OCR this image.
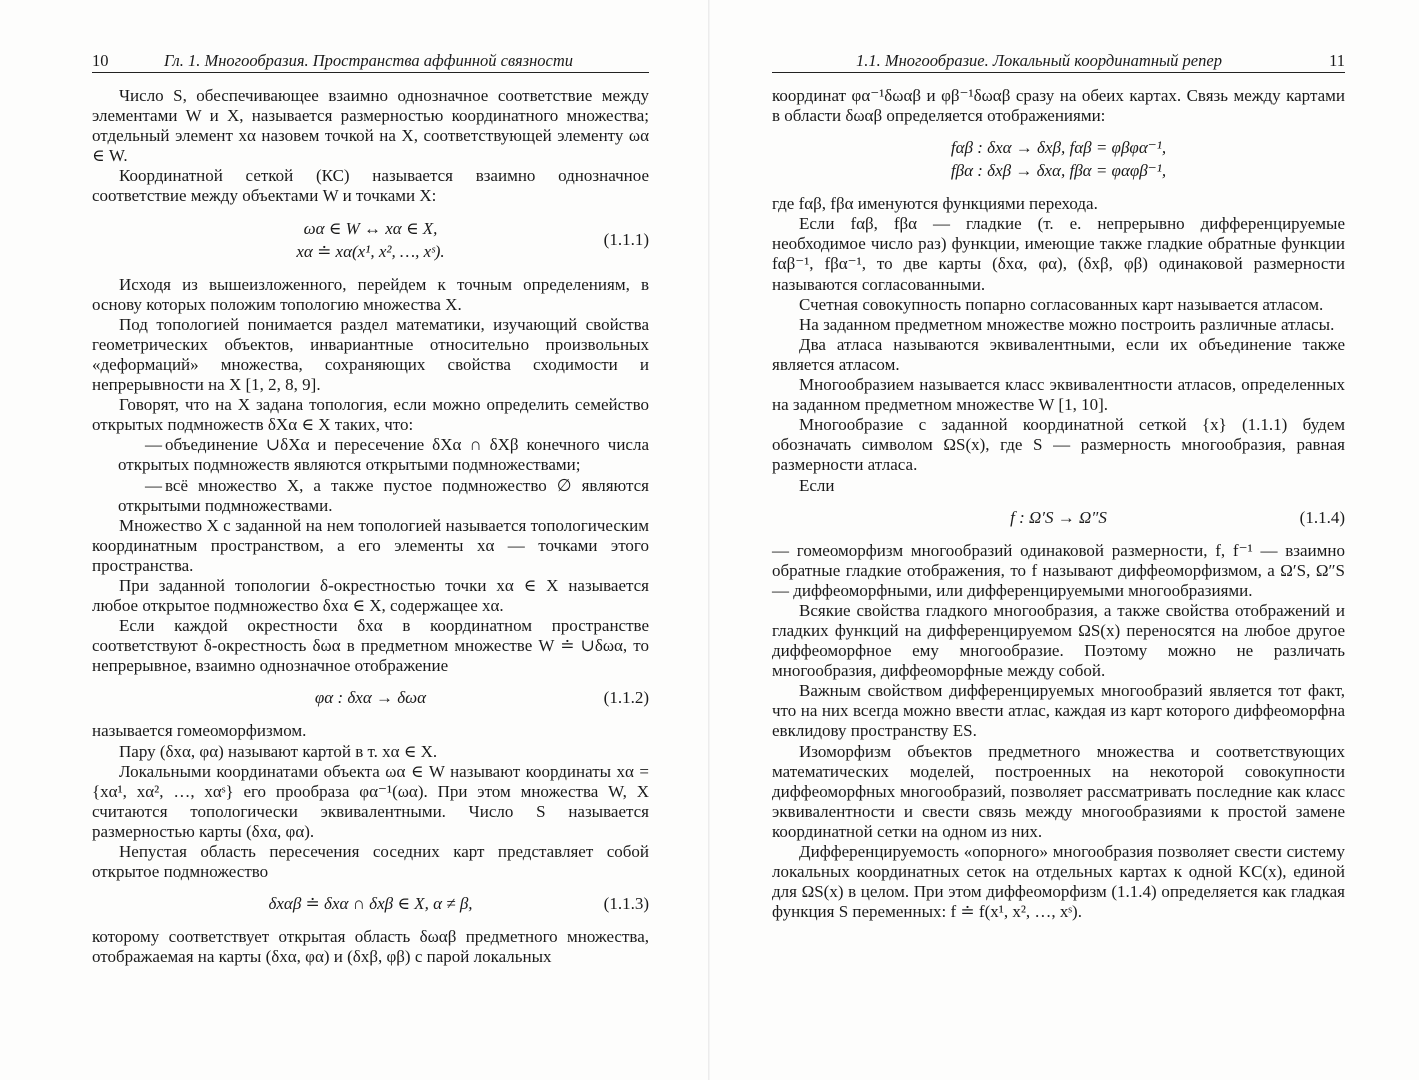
10	Гл. 1. Многообразия. Пространства аффинной связности

Число S, обеспечивающее взаимно однозначное соответствие между элементами W и X, называется размерностью координатного множества; отдельный элемент xα назовем точкой на X, соответствующей элементу ωα ∈ W.

Координатной сеткой (КС) называется взаимно однозначное соответствие между объектами W и точками X:

ωα ∈ W ↔ xα ∈ X,
xα ≐ xα(x¹, x², …, xˢ).
(1.1.1)

Исходя из вышеизложенного, перейдем к точным определениям, в основу которых положим топологию множества X.

Под топологией понимается раздел математики, изучающий свойства геометрических объектов, инвариантные относительно произвольных «деформаций» множества, сохраняющих свойства сходимости и непрерывности на X [1, 2, 8, 9].

Говорят, что на X задана топология, если можно определить семейство открытых подмножеств δXα ∈ X таких, что:

— объединение ∪δXα и пересечение δXα ∩ δXβ конечного числа открытых подмножеств являются открытыми подмножествами;

— всё множество X, а также пустое подмножество ∅ являются открытыми подмножествами.

Множество X с заданной на нем топологией называется топологическим координатным пространством, а его элементы xα — точками этого пространства.

При заданной топологии δ-окрестностью точки xα ∈ X называется любое открытое подмножество δxα ∈ X, содержащее xα.

Если каждой окрестности δxα в координатном пространстве соответствуют δ-окрестность δωα в предметном множестве W ≐ ∪δωα, то непрерывное, взаимно однозначное отображение

φα : δxα → δωα	(1.1.2)

называется гомеоморфизмом.

Пару (δxα, φα) называют картой в т. xα ∈ X.

Локальными координатами объекта ωα ∈ W называют координаты xα = {xα¹, xα², …, xαˢ} его прообраза φα⁻¹(ωα). При этом множества W, X считаются топологически эквивалентными. Число S называется размерностью карты (δxα, φα).

Непустая область пересечения соседних карт представляет собой открытое подмножество

δxαβ ≐ δxα ∩ δxβ ∈ X, α ≠ β,	(1.1.3)

которому соответствует открытая область δωαβ предметного множества, отображаемая на карты (δxα, φα) и (δxβ, φβ) с парой локальных

1.1. Многообразие. Локальный координатный репер	11

координат φα⁻¹δωαβ и φβ⁻¹δωαβ сразу на обеих картах. Связь между картами в области δωαβ определяется отображениями:

fαβ : δxα → δxβ, fαβ = φβφα⁻¹,
fβα : δxβ → δxα, fβα = φαφβ⁻¹,

где fαβ, fβα именуются функциями перехода.

Если fαβ, fβα — гладкие (т. е. непрерывно дифференцируемые необходимое число раз) функции, имеющие также гладкие обратные функции fαβ⁻¹, fβα⁻¹, то две карты (δxα, φα), (δxβ, φβ) одинаковой размерности называются согласованными.

Счетная совокупность попарно согласованных карт называется атласом.

На заданном предметном множестве можно построить различные атласы.

Два атласа называются эквивалентными, если их объединение также является атласом.

Многообразием называется класс эквивалентности атласов, определенных на заданном предметном множестве W [1, 10].

Многообразие с заданной координатной сеткой {x} (1.1.1) будем обозначать символом ΩS(x), где S — размерность многообразия, равная размерности атласа.

Если

f : Ω′S → Ω″S	(1.1.4)

— гомеоморфизм многообразий одинаковой размерности, f, f⁻¹ — взаимно обратные гладкие отображения, то f называют диффеоморфизмом, а Ω′S, Ω″S — диффеоморфными, или дифференцируемыми многообразиями.

Всякие свойства гладкого многообразия, а также свойства отображений и гладких функций на дифференцируемом ΩS(x) переносятся на любое другое диффеоморфное ему многообразие. Поэтому можно не различать многообразия, диффеоморфные между собой.

Важным свойством дифференцируемых многообразий является тот факт, что на них всегда можно ввести атлас, каждая из карт которого диффеоморфна евклидову пространству ES.

Изоморфизм объектов предметного множества и соответствующих математических моделей, построенных на некоторой совокупности диффеоморфных многообразий, позволяет рассматривать последние как класс эквивалентности и свести связь между многообразиями к простой замене координатной сетки на одном из них.

Дифференцируемость «опорного» многообразия позволяет свести систему локальных координатных сеток на отдельных картах к одной KC(x), единой для ΩS(x) в целом. При этом диффеоморфизм (1.1.4) определяется как гладкая функция S переменных: f ≐ f(x¹, x², …, xˢ).
